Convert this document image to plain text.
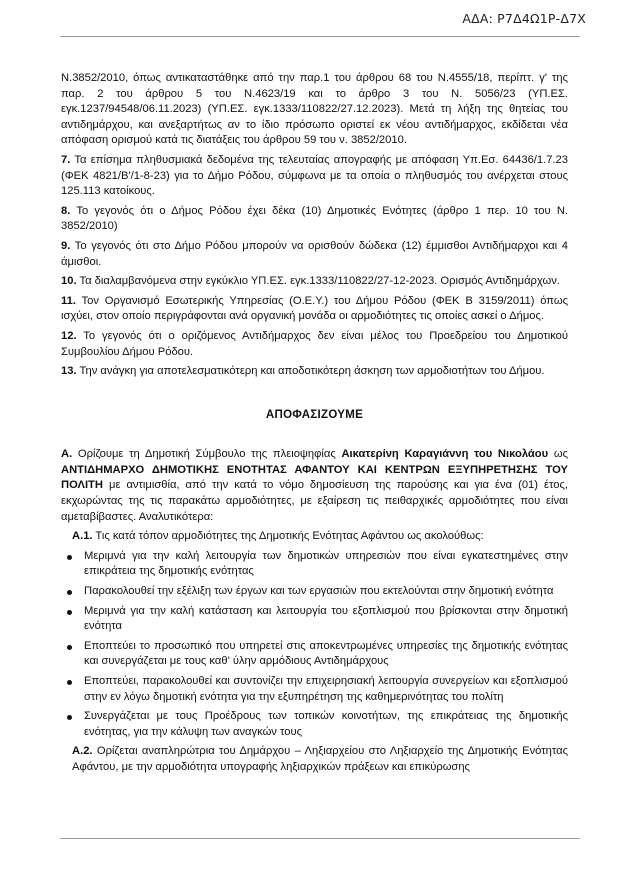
ΑΔΑ: Ρ7Δ4Ω1Ρ-Δ7Χ

Ν.3852/2010, όπως αντικαταστάθηκε από την παρ.1 του άρθρου 68 του Ν.4555/18, περίπτ. γ' της παρ. 2 του άρθρου 5 του Ν.4623/19 και το άρθρο 3 του Ν. 5056/23 (ΥΠ.ΕΣ. εγκ.1237/94548/06.11.2023) (ΥΠ.ΕΣ. εγκ.1333/110822/27.12.2023). Μετά τη λήξη της θητείας του αντιδημάρχου, και ανεξαρτήτως αν το ίδιο πρόσωπο οριστεί εκ νέου αντιδήμαρχος, εκδίδεται νέα απόφαση ορισμού κατά τις διατάξεις του άρθρου 59 του ν. 3852/2010.

7. Τα επίσημα πληθυσμιακά δεδομένα της τελευταίας απογραφής με απόφαση Υπ.Εσ. 64436/1.7.23 (ΦΕΚ 4821/Β'/1-8-23) για το Δήμο Ρόδου, σύμφωνα με τα οποία ο πληθυσμός του ανέρχεται στους 125.113 κατοίκους.

8. Το γεγονός ότι ο Δήμος Ρόδου έχει δέκα (10) Δημοτικές Ενότητες (άρθρο 1 περ. 10 του Ν. 3852/2010)

9. Το γεγονός ότι στο Δήμο Ρόδου μπορούν να ορισθούν δώδεκα (12) έμμισθοι Αντιδήμαρχοι και 4 άμισθοι.

10. Τα διαλαμβανόμενα στην εγκύκλιο ΥΠ.ΕΣ. εγκ.1333/110822/27-12-2023. Ορισμός Αντιδημάρχων.

11. Τον Οργανισμό Εσωτερικής Υπηρεσίας (Ο.Ε.Υ.) του Δήμου Ρόδου (ΦΕΚ Β 3159/2011) όπως ισχύει, στον οποίο περιγράφονται ανά οργανική μονάδα οι αρμοδιότητες τις οποίες ασκεί ο Δήμος.

12. Το γεγονός ότι ο οριζόμενος Αντιδήμαρχος δεν είναι μέλος του Προεδρείου του Δημοτικού Συμβουλίου Δήμου Ρόδου.

13. Την ανάγκη για αποτελεσματικότερη και αποδοτικότερη άσκηση των αρμοδιοτήτων του Δήμου.

ΑΠΟΦΑΣΙΖΟΥΜΕ

Α. Ορίζουμε τη Δημοτική Σύμβουλο της πλειοψηφίας Αικατερίνη Καραγιάννη του Νικολάου ως ΑΝΤΙΔΗΜΑΡΧΟ ΔΗΜΟΤΙΚΗΣ ΕΝΟΤΗΤΑΣ ΑΦΑΝΤΟΥ ΚΑΙ ΚΕΝΤΡΩΝ ΕΞΥΠΗΡΕΤΗΣΗΣ ΤΟΥ ΠΟΛΙΤΗ με αντιμισθία, από την κατά το νόμο δημοσίευση της παρούσης και για ένα (01) έτος, εκχωρώντας της τις παρακάτω αρμοδιότητες, με εξαίρεση τις πειθαρχικές αρμοδιότητες που είναι αμεταβίβαστες. Αναλυτικότερα:

Α.1. Τις κατά τόπον αρμοδιότητες της Δημοτικής Ενότητας Αφάντου ως ακολούθως:

Μεριμνά για την καλή λειτουργία των δημοτικών υπηρεσιών που είναι εγκατεστημένες στην επικράτεια της δημοτικής ενότητας
Παρακολουθεί την εξέλιξη των έργων και των εργασιών που εκτελούνται στην δημοτική ενότητα
Μεριμνά για την καλή κατάσταση και λειτουργία του εξοπλισμού που βρίσκονται στην δημοτική ενότητα
Εποπτεύει το προσωπικό που υπηρετεί στις αποκεντρωμένες υπηρεσίες της δημοτικής ενότητας και συνεργάζεται με τους καθ' ύλην αρμόδιους Αντιδημάρχους
Εποπτεύει, παρακολουθεί και συντονίζει την επιχειρησιακή λειτουργία συνεργείων και εξοπλισμού στην εν λόγω δημοτική ενότητα για την εξυπηρέτηση της καθημερινότητας του πολίτη
Συνεργάζεται με τους Προέδρους των τοπικών κοινοτήτων, της επικράτειας της δημοτικής ενότητας, για την κάλυψη των αναγκών τους

Α.2. Ορίζεται αναπληρώτρια του Δημάρχου – Ληξιαρχείου στο Ληξιαρχείο της Δημοτικής Ενότητας Αφάντου, με την αρμοδιότητα υπογραφής ληξιαρχικών πράξεων και επικύρωσης
